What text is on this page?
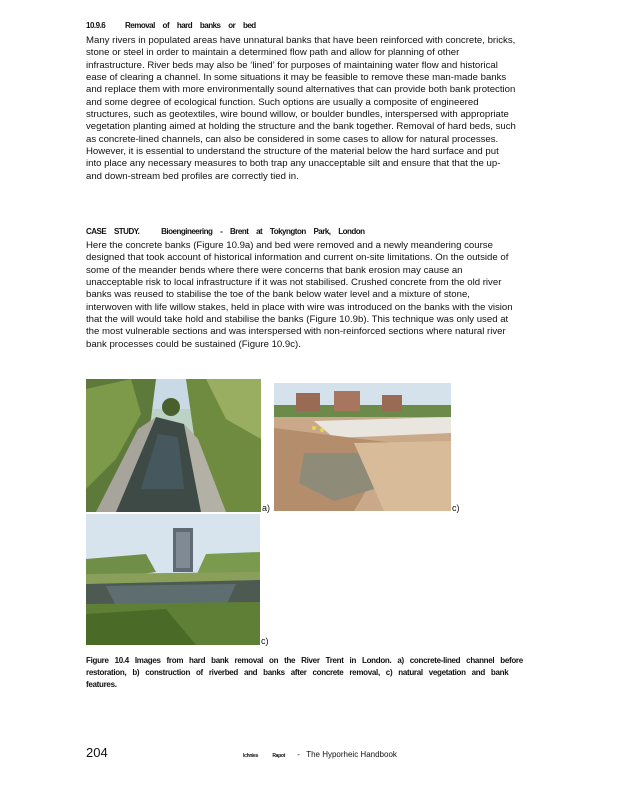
10.9.6 Removal of hard banks or bed

Many rivers in populated areas have unnatural banks that have been reinforced with concrete, bricks, stone or steel in order to maintain a determined flow path and allow for planning of other infrastructure. River beds may also be ‘lined’ for purposes of maintaining water flow and historical ease of clearing a channel. In some situations it may be feasible to remove these man-made banks and replace them with more environmentally sound alternatives that can provide both bank protection and some degree of ecological function. Such options are usually a composite of engineered structures, such as geotextiles, wire bound willow, or boulder bundles, interspersed with appropriate vegetation planting aimed at holding the structure and the bank together. Removal of hard beds, such as concrete-lined channels, can also be considered in some cases to allow for natural processes. However, it is essential to understand the structure of the material below the hard surface and put into place any necessary measures to both trap any unacceptable silt and ensure that that the up- and down-stream bed profiles are correctly tied in.

CASE STUDY.	Bioengineering - Brent at Tokyngton Park, London

Here the concrete banks (Figure 10.9a) and bed were removed and a newly meandering course designed that took account of historical information and current on-site limitations. On the outside of some of the meander bends where there were concerns that bank erosion may cause an unacceptable risk to local infrastructure if it was not stabilised. Crushed concrete from the old river banks was reused to stabilise the toe of the bank below water level and a mixture of stone, interwoven with life willow stakes, held in place with wire was introduced on the banks with the vision that the will would take hold and stabilise the banks (Figure 10.9b). This technique was only used at the most vulnerable sections and was interspersed with non-reinforced sections where natural river bank processes could be sustained (Figure 10.9c).

a)	c)
c)

Figure 10.4 Images from hard bank removal on the River Trent in London. a) concrete-lined channel before restoration, b) construction of riverbed and banks after concrete removal, c) natural vegetation and bank features.

204	Ichnies	Rapot - The Hyporheic Handbook
